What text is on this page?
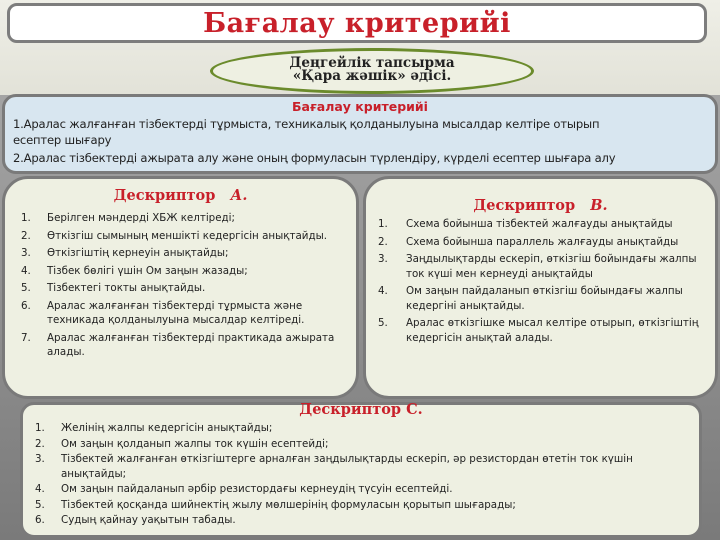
Бағалау критерийі
Деңгейлік тапсырма
«Қара жәшік» әдісі.
Бағалау критерийі
1.Аралас жалғанған тізбектерді тұрмыста, техникалық қолданылуына мысалдар келтіре отырып
есептер шығару
2.Аралас тізбектерді ажырата алу және оның формуласын түрлендіру, күрделі есептер шығара алу
Дескриптор А.
1.	Берілген мәндерді ХБЖ келтіреді;
2.	Өткізгіш сымының меншікті кедергісін анықтайды.
3.	Өткізгіштің кернеуін анықтайды;
4.	Тізбек бөлігі үшін Ом заңын жазады;
5.	Тізбектегі токты анықтайды.
6.	Аралас жалғанған тізбектерді тұрмыста және техникада қолданылуына мысалдар келтіреді.
7.	Аралас жалғанған тізбектерді практикада ажырата алады.
Дескриптор В.
1.	Схема бойынша тізбектей жалғауды анықтайды
2.	Схема бойынша параллель жалғауды анықтайды
3.	Заңдылықтарды ескеріп, өткізгіш бойындағы жалпы ток күші мен кернеуді анықтайды
4.	Ом заңын пайдаланып өткізгіш бойындағы жалпы кедергіні анықтайды.
5.	Аралас өткізгішке мысал келтіре отырып, өткізгіштің кедергісін анықтай алады.
Дескриптор С.
1.	Желінің жалпы кедергісін анықтайды;
2.	Ом заңын қолданып жалпы ток күшін есептейді;
3.	Тізбектей жалғанған өткізгіштерге арналған заңдылықтарды ескеріп, әр резистордан өтетін ток күшін анықтайды;
4.	Ом заңын пайдаланып әрбір резистордағы кернеудің түсуін есептейді.
5.	Тізбектей қосқанда шийнектің жылу мөлшерінің формуласын қорытып шығарады;
6.	Судың қайнау уақытын табады.
